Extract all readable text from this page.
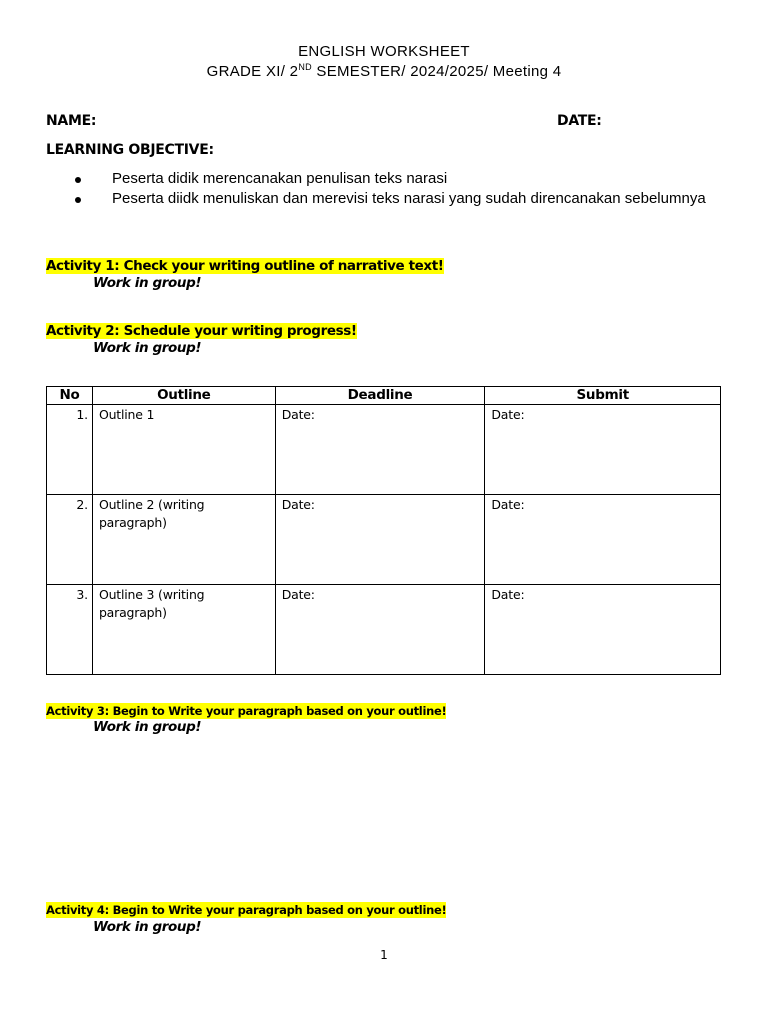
ENGLISH WORKSHEET
GRADE XI/ 2ND SEMESTER/ 2024/2025/ Meeting 4
NAME:	DATE:
LEARNING OBJECTIVE:
Peserta didik merencanakan penulisan teks narasi
Peserta diidk menuliskan dan merevisi teks narasi yang sudah direncanakan sebelumnya
Activity 1: Check your writing outline of narrative text!
Work in group!
Activity 2: Schedule your writing progress!
Work in group!
No	Outline	Deadline	Submit
1.	Outline 1	Date:	Date:
2.	Outline 2 (writing paragraph)	Date:	Date:
3.	Outline 3 (writing paragraph)	Date:	Date:
Activity 3: Begin to Write your paragraph based on your outline!
Work in group!
Activity 4: Begin to Write your paragraph based on your outline!
Work in group!
1
